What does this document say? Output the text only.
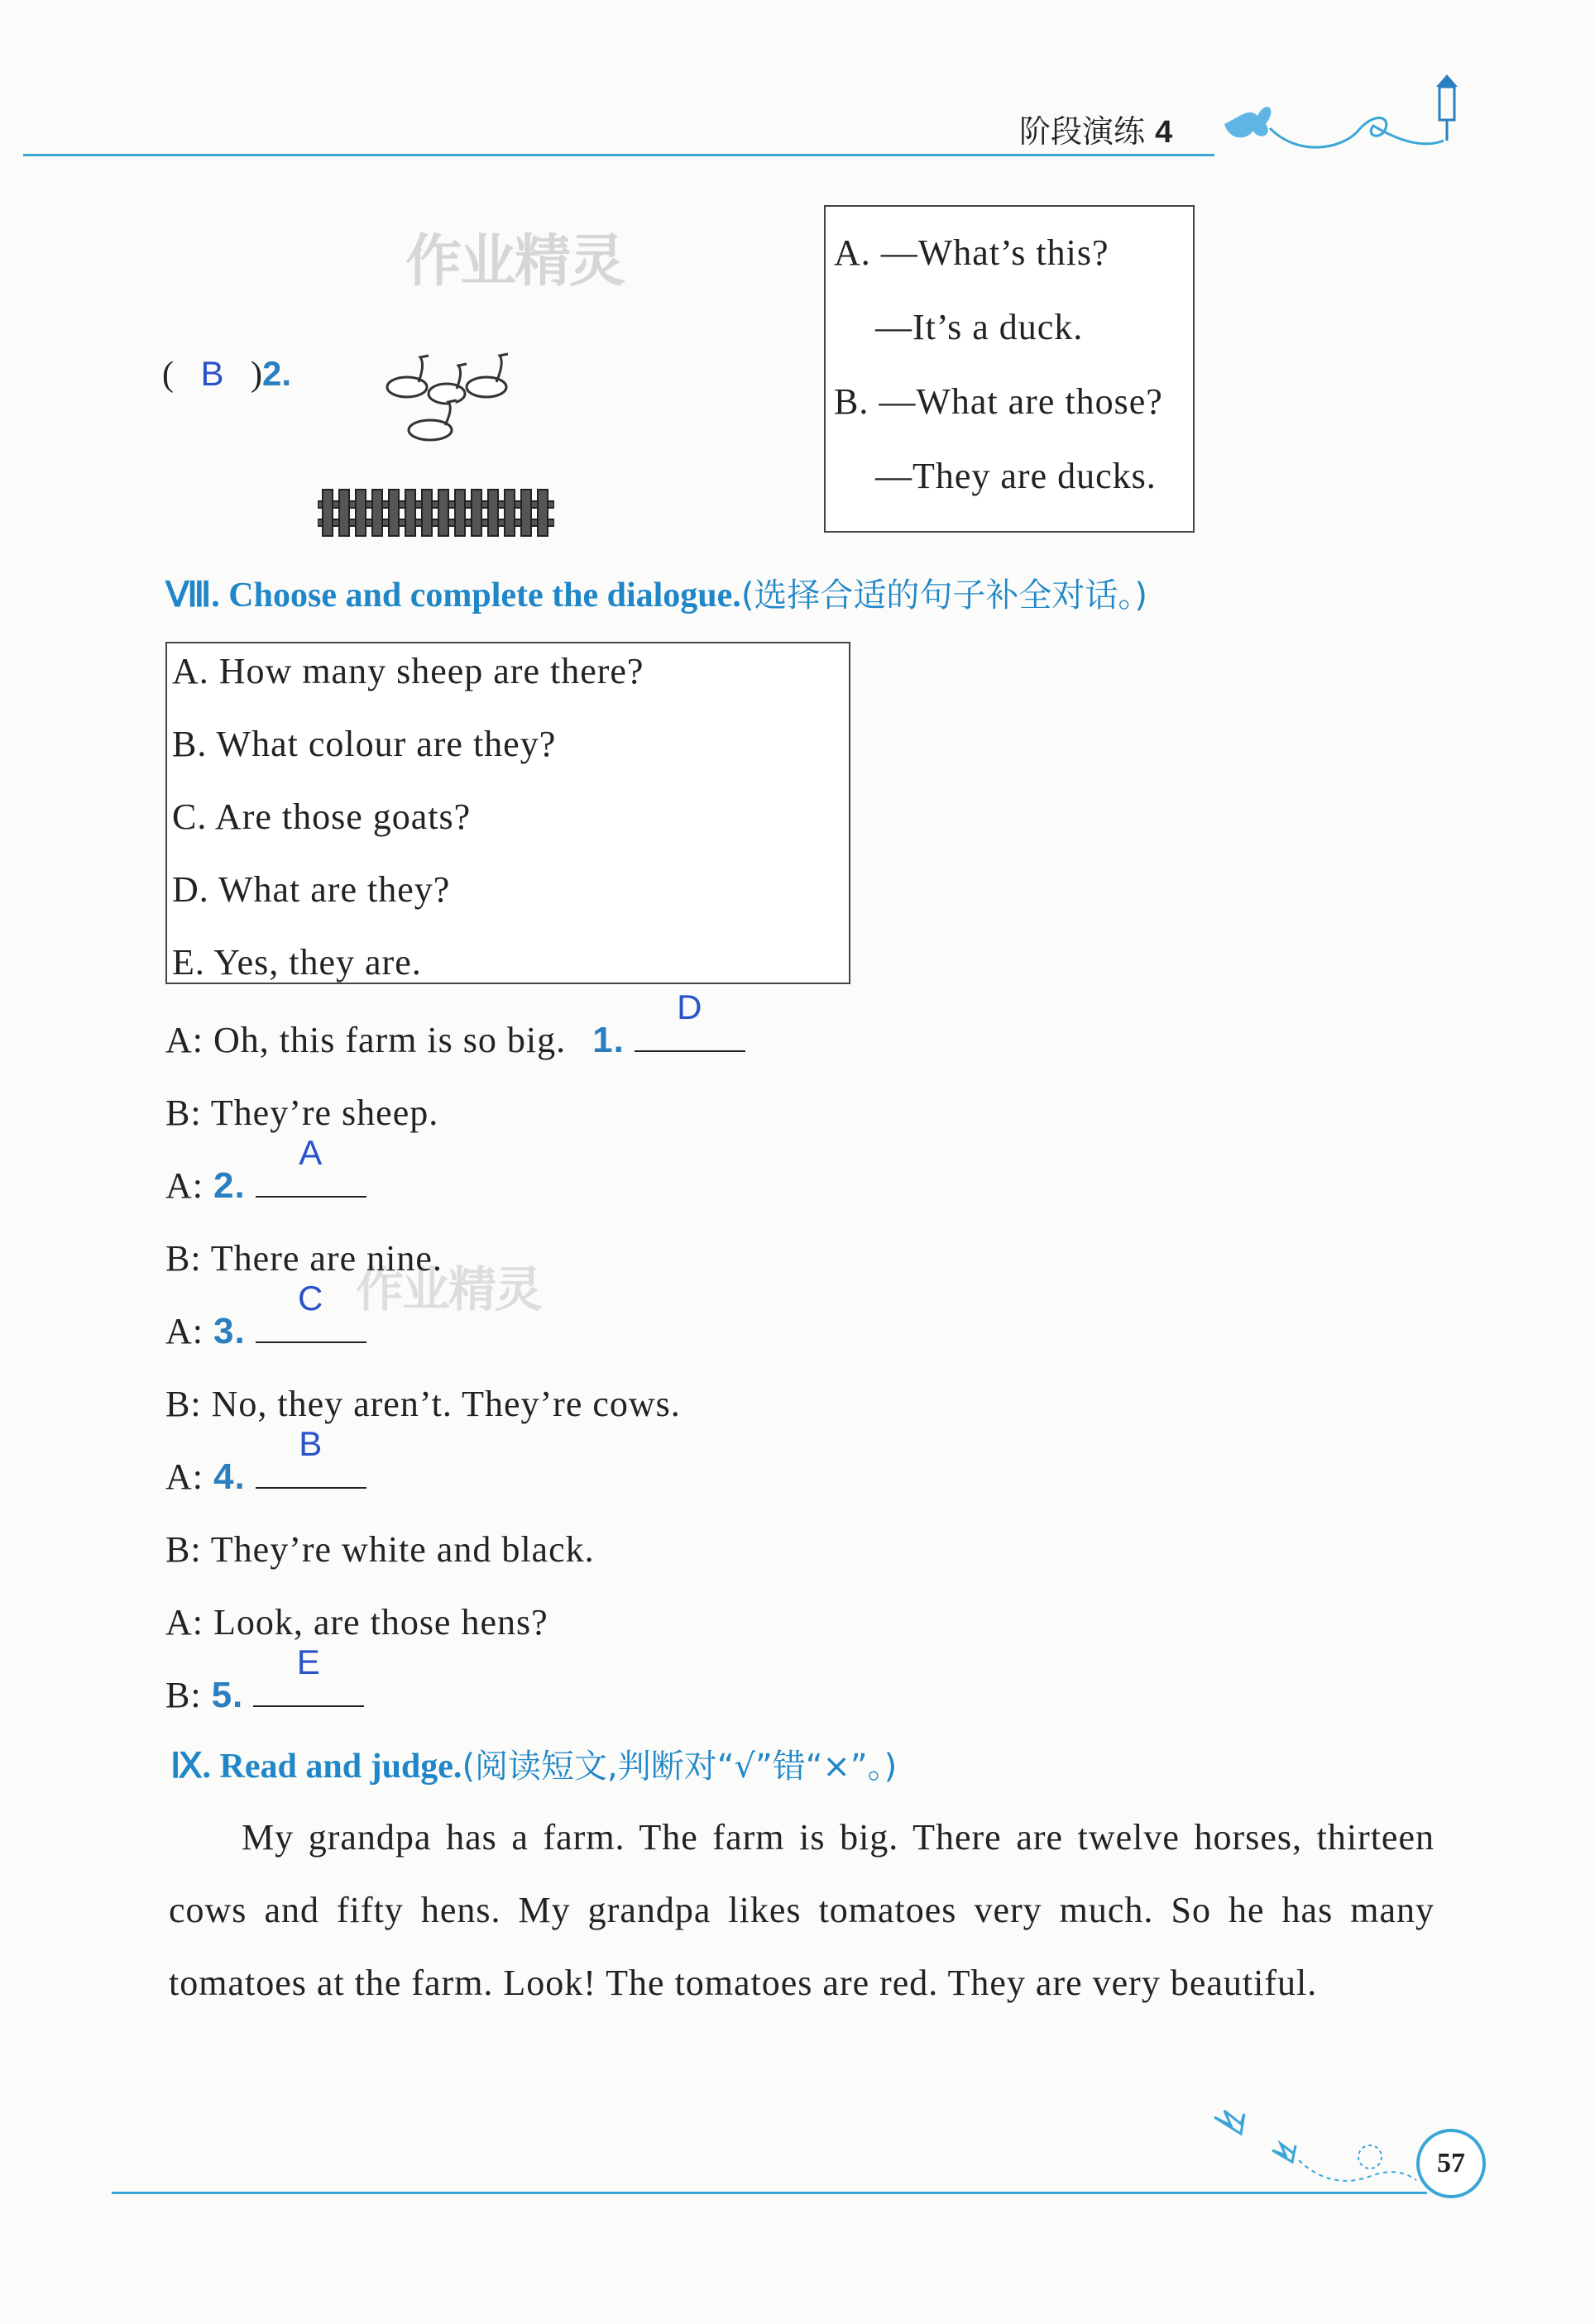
阶段演练 4
作业精灵
作业精灵
( B )2.
A. —What’s this?
—It’s a duck.
B. —What are those?
—They are ducks.
Ⅷ. Choose and complete the dialogue.(选择合适的句子补全对话。)
A. How many sheep are there?
B. What colour are they?
C. Are those goats?
D. What are they?
E. Yes, they are.
A: Oh, this farm is so big. 1.
D
B: They’re sheep.
A: 2.
A
B: There are nine.
A: 3.
C
B: No, they aren’t. They’re cows.
A: 4.
B
B: They’re white and black.
A: Look, are those hens?
B: 5.
E
Ⅸ. Read and judge.(阅读短文,判断对“√”错“×”。)
My grandpa has a farm. The farm is big. There are twelve horses, thirteen cows and fifty hens. My grandpa likes tomatoes very much. So he has many tomatoes at the farm. Look! The tomatoes are red. They are very beautiful.
57
